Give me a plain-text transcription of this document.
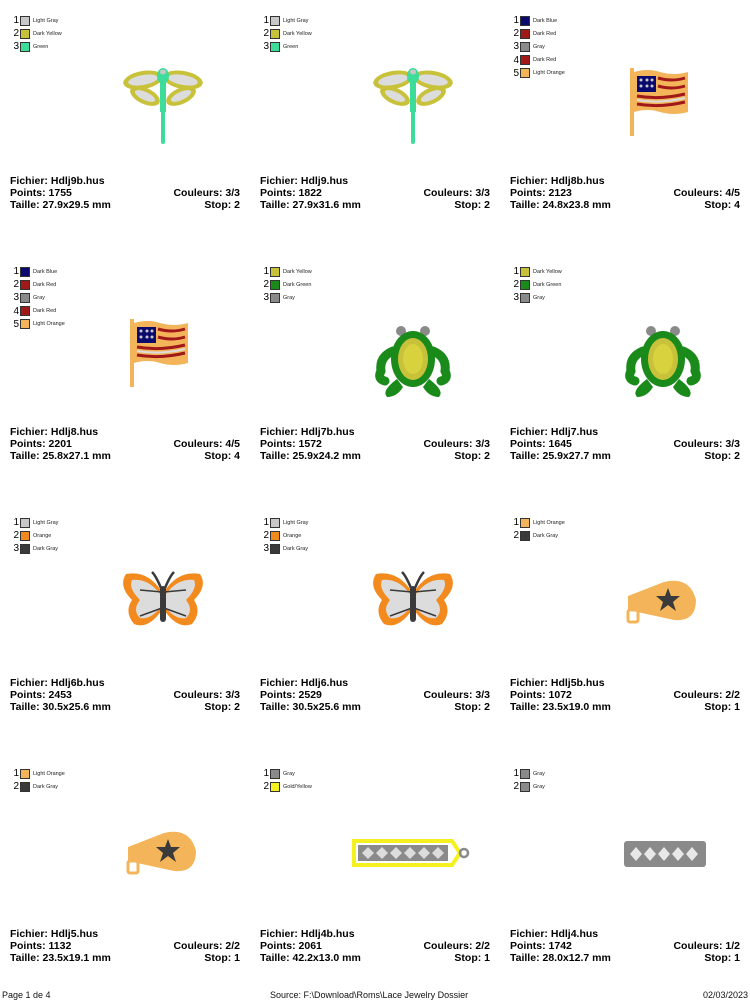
1	Light Gray
2	Dark Yellow
3	Green
Fichier: Hdlj9b.hus
Points: 1755	Couleurs: 3/3
Taille: 27.9x29.5 mm	Stop: 2
1	Light Gray
2	Dark Yellow
3	Green
Fichier: Hdlj9.hus
Points: 1822	Couleurs: 3/3
Taille: 27.9x31.6 mm	Stop: 2
1	Dark Blue
2	Dark Red
3	Gray
4	Dark Red
5	Light Orange
Fichier: Hdlj8b.hus
Points: 2123	Couleurs: 4/5
Taille: 24.8x23.8 mm	Stop: 4
1	Dark Blue
2	Dark Red
3	Gray
4	Dark Red
5	Light Orange
Fichier: Hdlj8.hus
Points: 2201	Couleurs: 4/5
Taille: 25.8x27.1 mm	Stop: 4
1	Dark Yellow
2	Dark Green
3	Gray
Fichier: Hdlj7b.hus
Points: 1572	Couleurs: 3/3
Taille: 25.9x24.2 mm	Stop: 2
1	Dark Yellow
2	Dark Green
3	Gray
Fichier: Hdlj7.hus
Points: 1645	Couleurs: 3/3
Taille: 25.9x27.7 mm	Stop: 2
1	Light Gray
2	Orange
3	Dark Gray
Fichier: Hdlj6b.hus
Points: 2453	Couleurs: 3/3
Taille: 30.5x25.6 mm	Stop: 2
1	Light Gray
2	Orange
3	Dark Gray
Fichier: Hdlj6.hus
Points: 2529	Couleurs: 3/3
Taille: 30.5x25.6 mm	Stop: 2
1	Light Orange
2	Dark Gray
Fichier: Hdlj5b.hus
Points: 1072	Couleurs: 2/2
Taille: 23.5x19.0 mm	Stop: 1
1	Light Orange
2	Dark Gray
Fichier: Hdlj5.hus
Points: 1132	Couleurs: 2/2
Taille: 23.5x19.1 mm	Stop: 1
1	Gray
2	Gold/Yellow
Fichier: Hdlj4b.hus
Points: 2061	Couleurs: 2/2
Taille: 42.2x13.0 mm	Stop: 1
1	Gray
2	Gray
Fichier: Hdlj4.hus
Points: 1742	Couleurs: 1/2
Taille: 28.0x12.7 mm	Stop: 1
Page 1 de 4	Source: F:\Download\Roms\Lace Jewelry Dossier	02/03/2023
